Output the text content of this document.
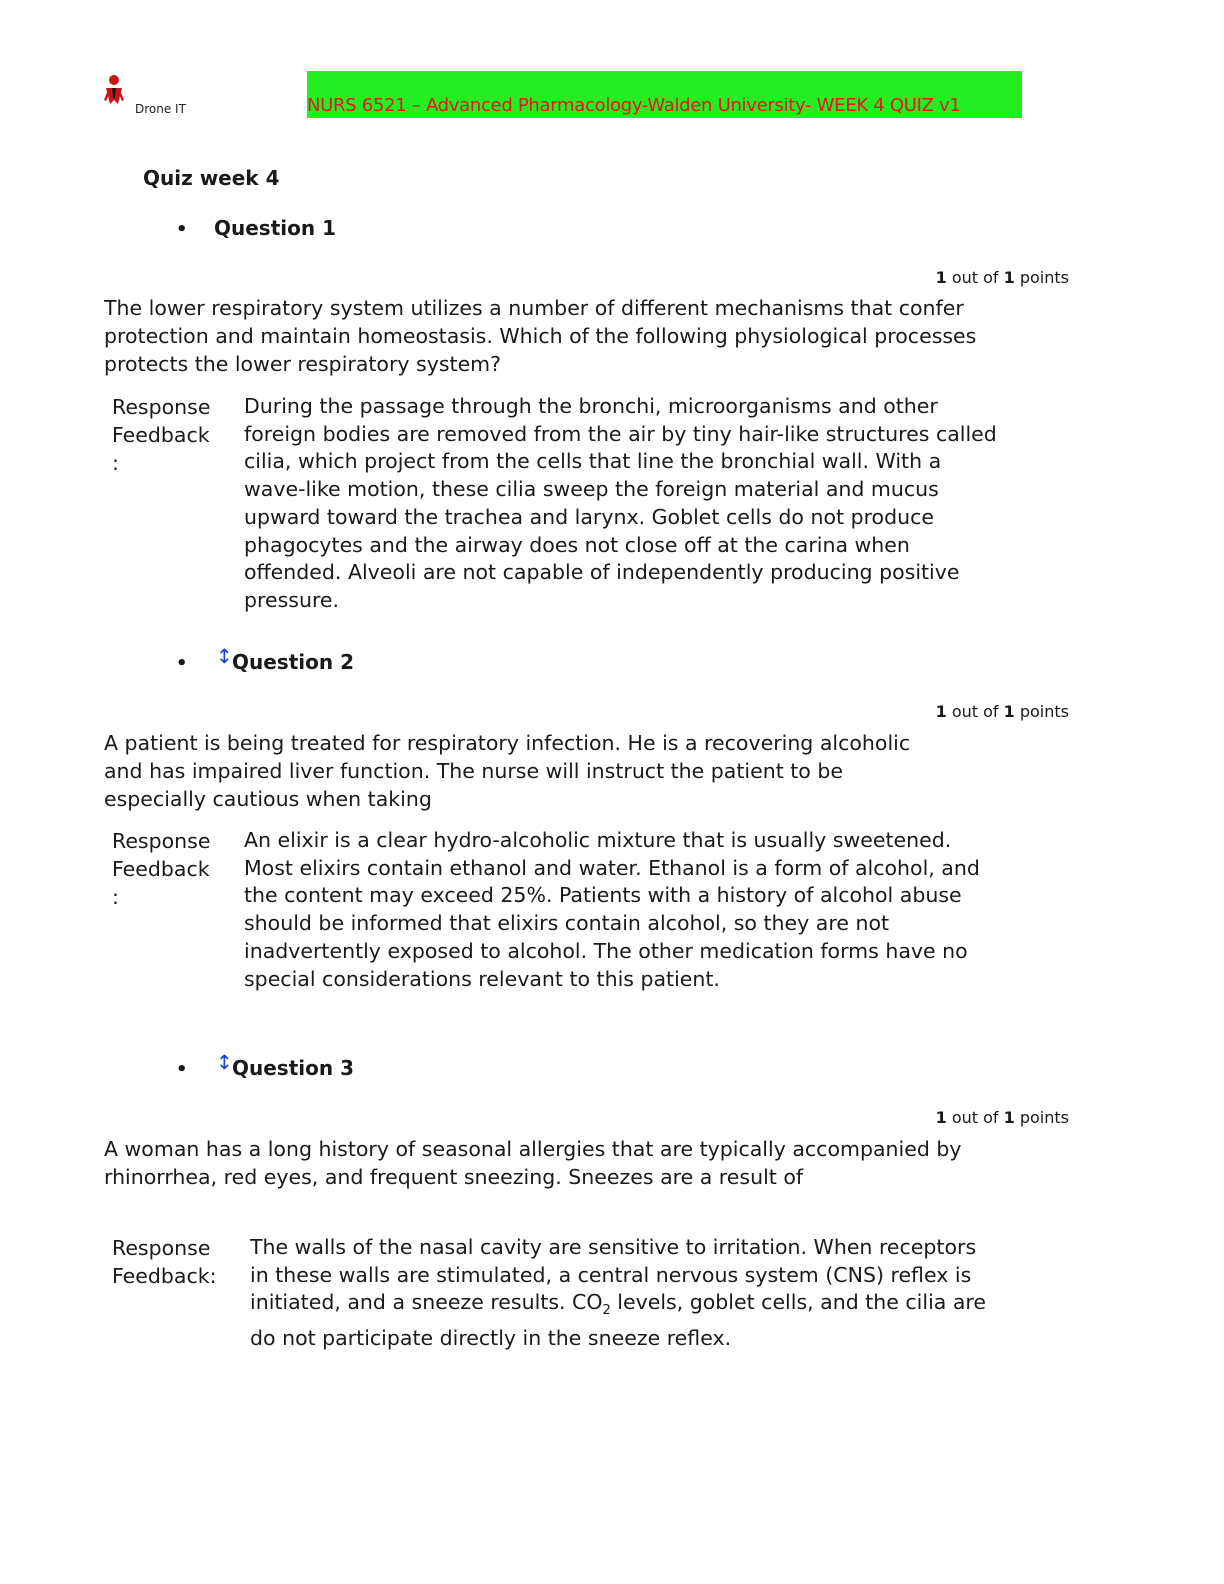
Drone IT	NURS 6521 – Advanced Pharmacology-Walden University- WEEK 4 QUIZ v1
Quiz week 4
• Question 1
1 out of 1 points
The lower respiratory system utilizes a number of different mechanisms that confer protection and maintain homeostasis. Which of the following physiological processes protects the lower respiratory system?
Response
Feedback
:
During the passage through the bronchi, microorganisms and other foreign bodies are removed from the air by tiny hair-like structures called cilia, which project from the cells that line the bronchial wall. With a wave-like motion, these cilia sweep the foreign material and mucus upward toward the trachea and larynx. Goblet cells do not produce phagocytes and the airway does not close off at the carina when offended. Alveoli are not capable of independently producing positive pressure.
• ↕Question 2
1 out of 1 points
A patient is being treated for respiratory infection. He is a recovering alcoholic and has impaired liver function. The nurse will instruct the patient to be especially cautious when taking
Response
Feedback
:
An elixir is a clear hydro-alcoholic mixture that is usually sweetened. Most elixirs contain ethanol and water. Ethanol is a form of alcohol, and the content may exceed 25%. Patients with a history of alcohol abuse should be informed that elixirs contain alcohol, so they are not inadvertently exposed to alcohol. The other medication forms have no special considerations relevant to this patient.
• ↕Question 3
1 out of 1 points
A woman has a long history of seasonal allergies that are typically accompanied by rhinorrhea, red eyes, and frequent sneezing. Sneezes are a result of
Response
Feedback:
The walls of the nasal cavity are sensitive to irritation. When receptors in these walls are stimulated, a central nervous system (CNS) reflex is initiated, and a sneeze results. $CO_2$ levels, goblet cells, and the cilia are do not participate directly in the sneeze reflex.
